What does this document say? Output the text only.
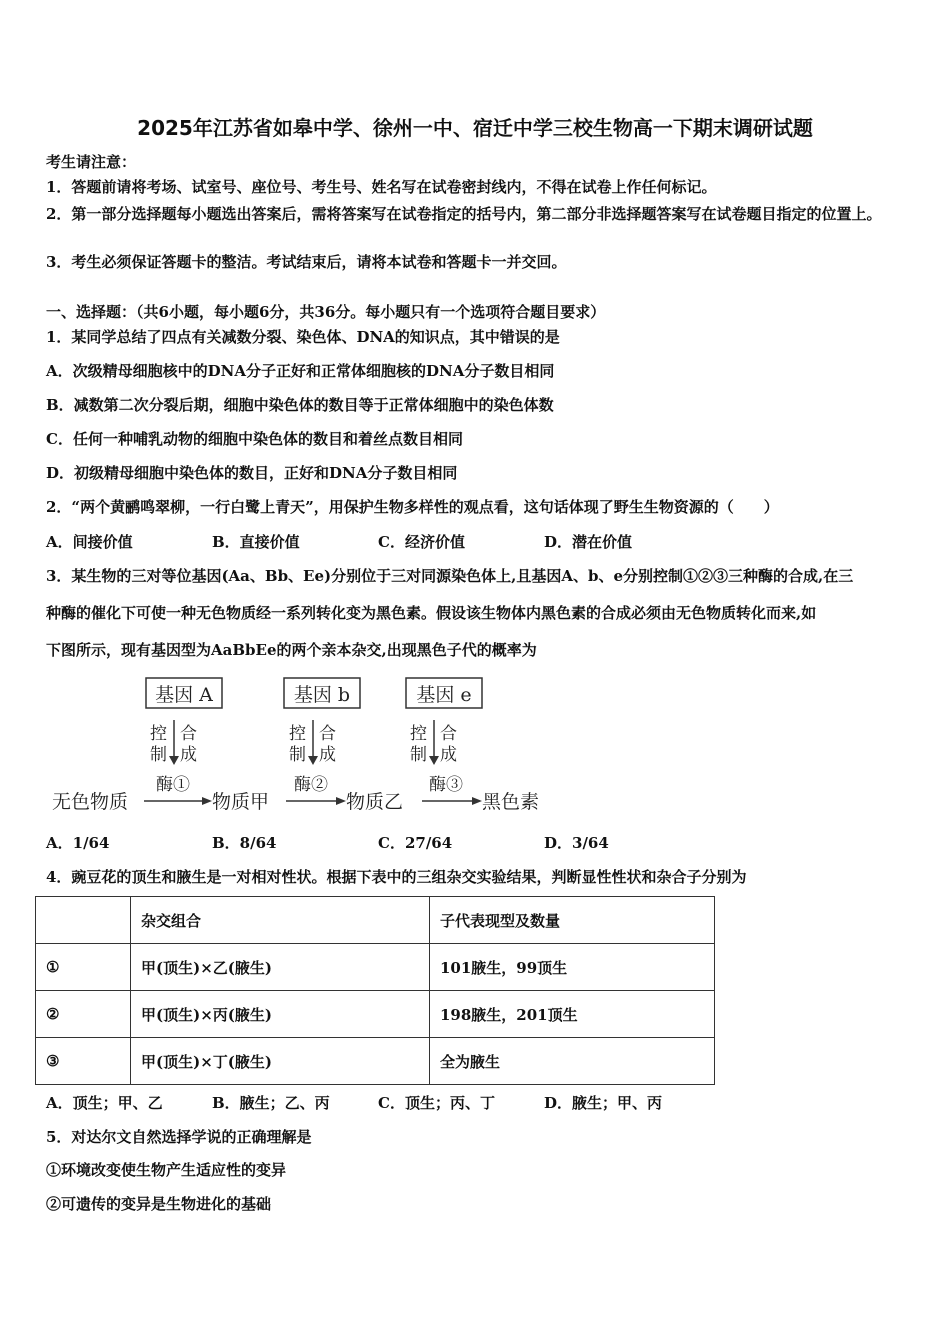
2025年江苏省如皋中学、徐州一中、宿迁中学三校生物高一下期末调研试题
考生请注意：
1．答题前请将考场、试室号、座位号、考生号、姓名写在试卷密封线内，不得在试卷上作任何标记。
2．第一部分选择题每小题选出答案后，需将答案写在试卷指定的括号内，第二部分非选择题答案写在试卷题目指定的位置上。
3．考生必须保证答题卡的整洁。考试结束后，请将本试卷和答题卡一并交回。
一、选择题：（共6小题，每小题6分，共36分。每小题只有一个选项符合题目要求）
1．某同学总结了四点有关减数分裂、染色体、DNA的知识点，其中错误的是
A．次级精母细胞核中的DNA分子正好和正常体细胞核的DNA分子数目相同
B．减数第二次分裂后期，细胞中染色体的数目等于正常体细胞中的染色体数
C．任何一种哺乳动物的细胞中染色体的数目和着丝点数目相同
D．初级精母细胞中染色体的数目，正好和DNA分子数目相同
2．“两个黄鹂鸣翠柳，一行白鹭上青天”，用保护生物多样性的观点看，这句话体现了野生生物资源的（　　）
A．间接价值	B．直接价值	C．经济价值	D．潜在价值
3．某生物的三对等位基因(Aa、Bb、Ee)分别位于三对同源染色体上,且基因A、b、e分别控制①②③三种酶的合成,在三
种酶的催化下可使一种无色物质经一系列转化变为黑色素。假设该生物体内黑色素的合成必须由无色物质转化而来,如
下图所示，现有基因型为AaBbEe的两个亲本杂交,出现黑色子代的概率为
基因 A	基因 b	基因 e
控
制
合
成
控
制
合
成
控
制
合
成
无色物质	物质甲	物质乙	黑色素
酶①	酶②	酶③
A．1/64	B．8/64	C．27/64	D．3/64
4．豌豆花的顶生和腋生是一对相对性状。根据下表中的三组杂交实验结果，判断显性性状和杂合子分别为
	杂交组合	子代表现型及数量
①	甲(顶生)×乙(腋生)	101腋生，99顶生
②	甲(顶生)×丙(腋生)	198腋生，201顶生
③	甲(顶生)×丁(腋生)	全为腋生
A．顶生；甲、乙	B．腋生；乙、丙	C．顶生；丙、丁	D．腋生；甲、丙
5．对达尔文自然选择学说的正确理解是
①环境改变使生物产生适应性的变异
②可遗传的变异是生物进化的基础
